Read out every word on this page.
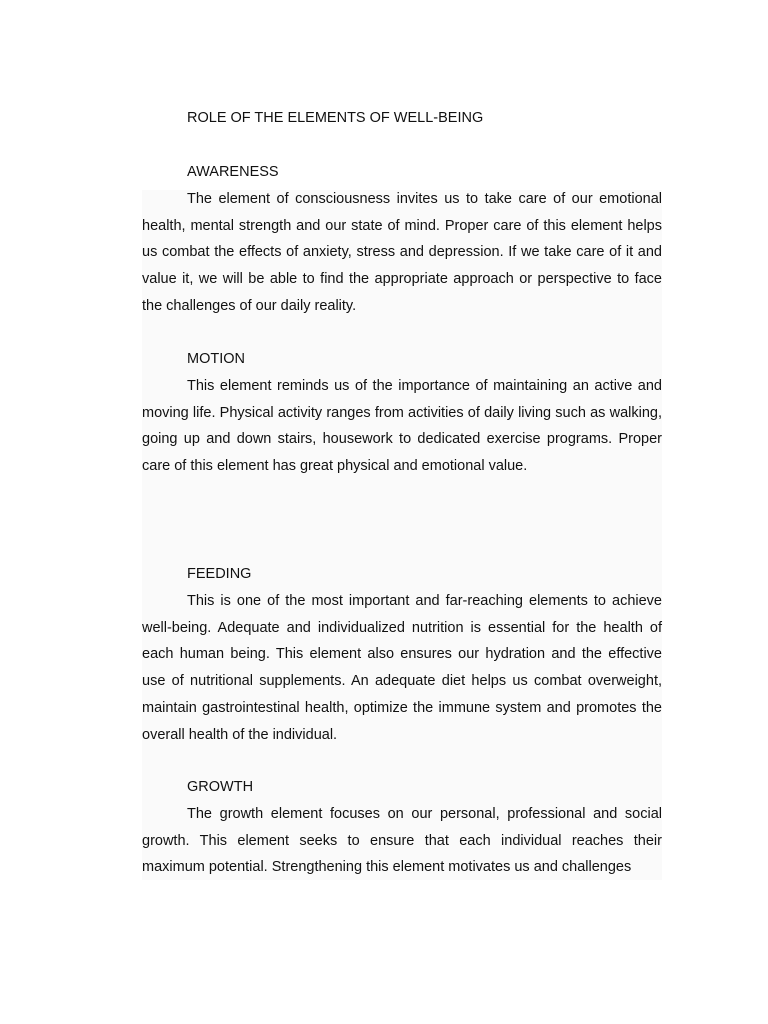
ROLE OF THE ELEMENTS OF WELL-BEING
AWARENESS

The element of consciousness invites us to take care of our emotional health, mental strength and our state of mind. Proper care of this element helps us combat the effects of anxiety, stress and depression. If we take care of it and value it, we will be able to find the appropriate approach or perspective to face the challenges of our daily reality.

MOTION

This element reminds us of the importance of maintaining an active and moving life. Physical activity ranges from activities of daily living such as walking, going up and down stairs, housework to dedicated exercise programs. Proper care of this element has great physical and emotional value.

FEEDING

This is one of the most important and far-reaching elements to achieve well-being. Adequate and individualized nutrition is essential for the health of each human being. This element also ensures our hydration and the effective use of nutritional supplements. An adequate diet helps us combat overweight, maintain gastrointestinal health, optimize the immune system and promotes the overall health of the individual.

GROWTH

The growth element focuses on our personal, professional and social growth. This element seeks to ensure that each individual reaches their maximum potential. Strengthening this element motivates us and challenges
